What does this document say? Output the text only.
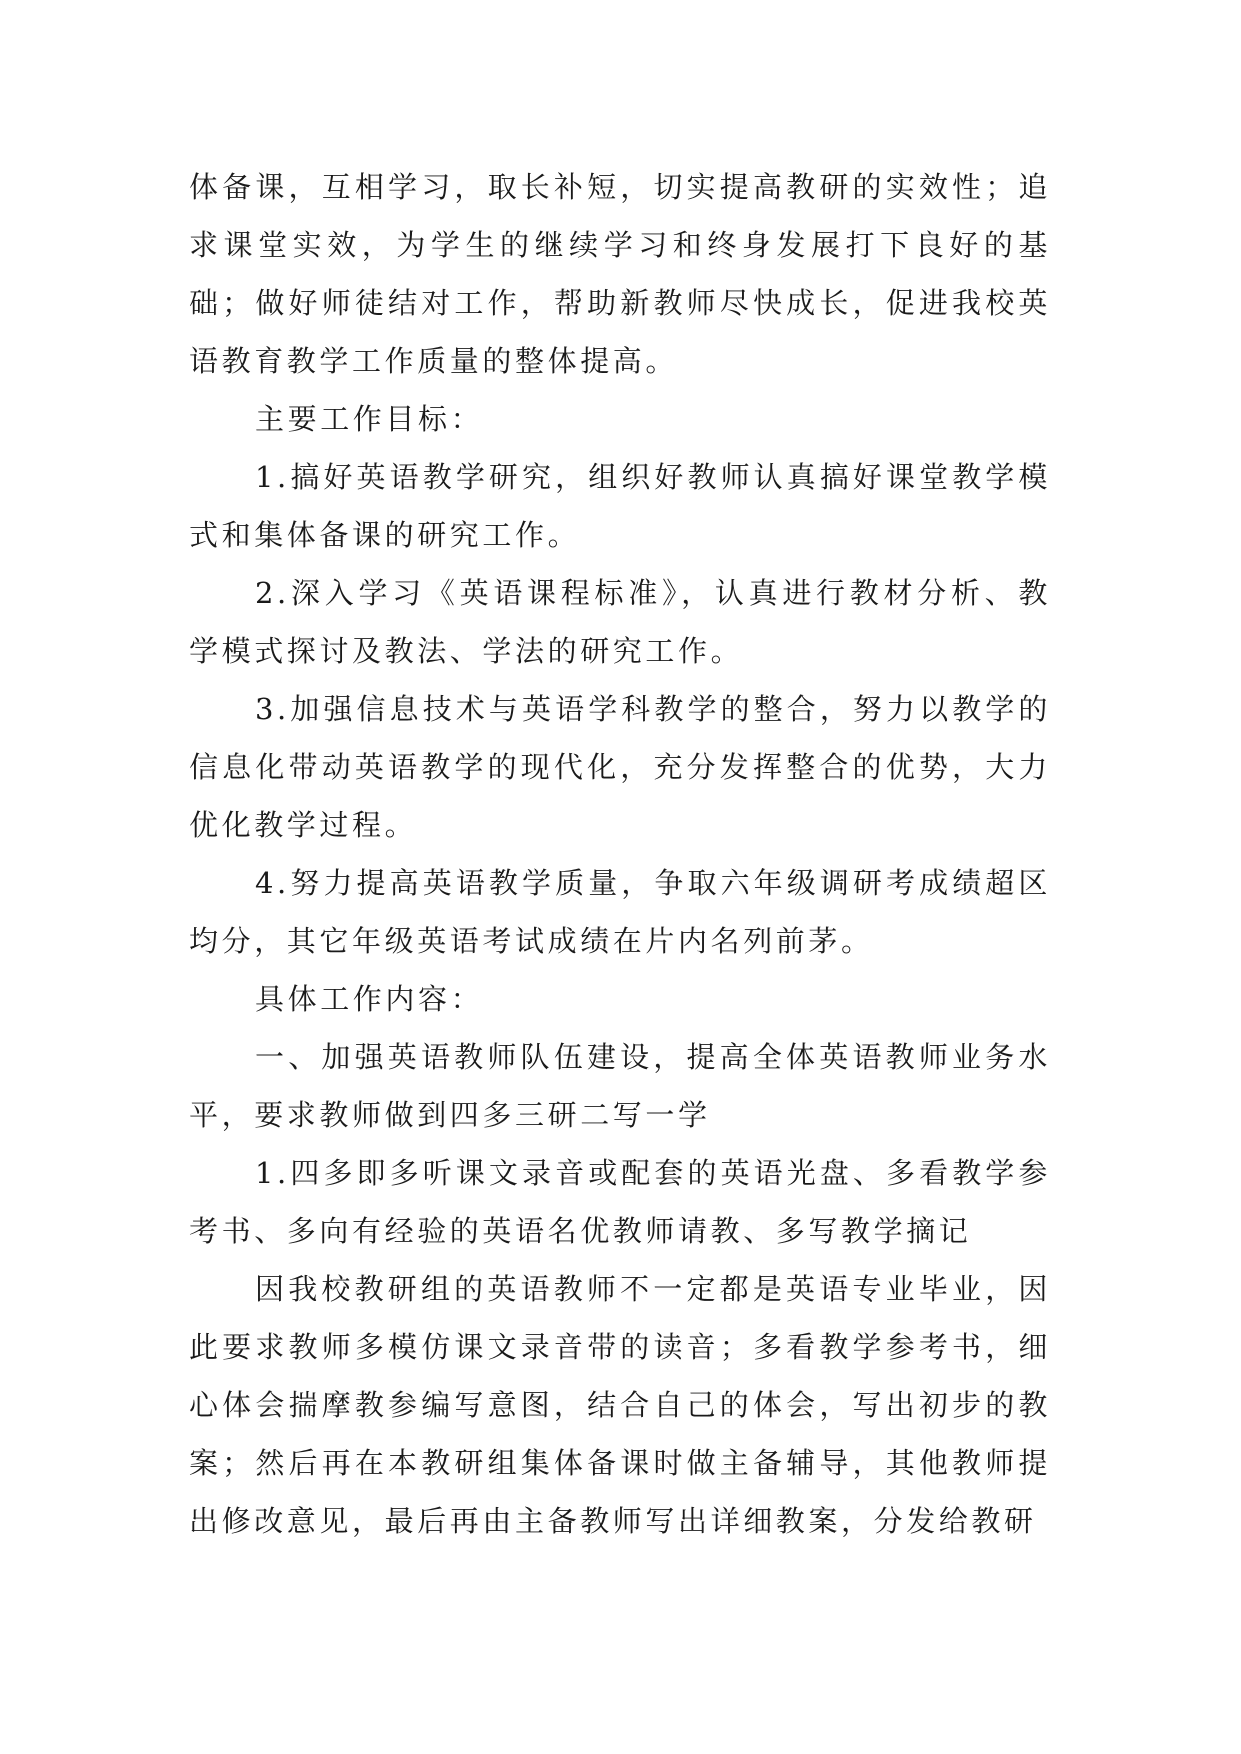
体备课，互相学习，取长补短，切实提高教研的实效性；追求课堂实效，为学生的继续学习和终身发展打下良好的基础；做好师徒结对工作，帮助新教师尽快成长，促进我校英语教育教学工作质量的整体提高。

主要工作目标：

1.搞好英语教学研究，组织好教师认真搞好课堂教学模式和集体备课的研究工作。

2.深入学习《英语课程标准》，认真进行教材分析、教学模式探讨及教法、学法的研究工作。

3.加强信息技术与英语学科教学的整合，努力以教学的信息化带动英语教学的现代化，充分发挥整合的优势，大力优化教学过程。

4.努力提高英语教学质量，争取六年级调研考成绩超区均分，其它年级英语考试成绩在片内名列前茅。

具体工作内容：

一、加强英语教师队伍建设，提高全体英语教师业务水平，要求教师做到四多三研二写一学

1.四多即多听课文录音或配套的英语光盘、多看教学参考书、多向有经验的英语名优教师请教、多写教学摘记

因我校教研组的英语教师不一定都是英语专业毕业，因此要求教师多模仿课文录音带的读音；多看教学参考书，细心体会揣摩教参编写意图，结合自己的体会，写出初步的教案；然后再在本教研组集体备课时做主备辅导，其他教师提出修改意见，最后再由主备教师写出详细教案，分发给教研
